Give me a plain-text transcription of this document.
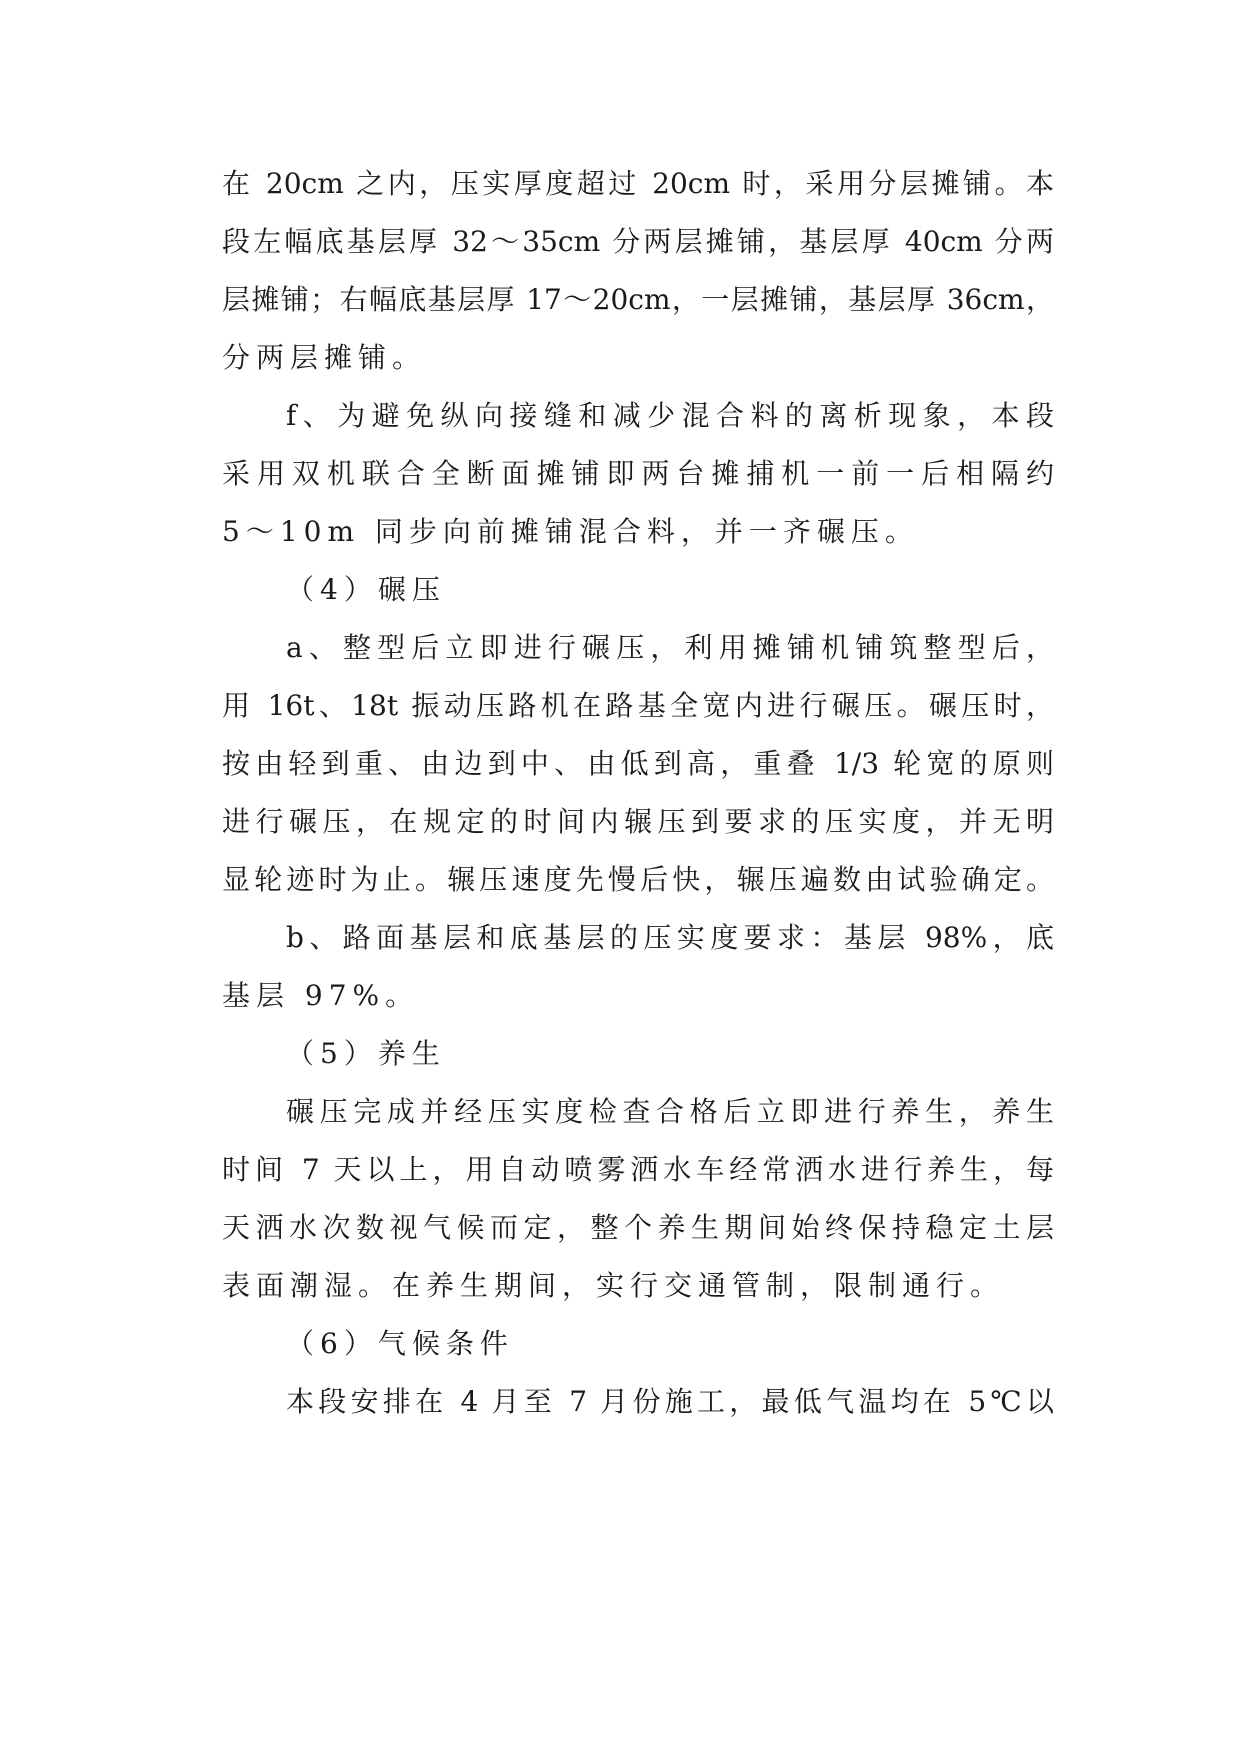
在 20cm 之内，压实厚度超过 20cm 时，采用分层摊铺。本
段左幅底基层厚 32～35cm 分两层摊铺，基层厚 40cm 分两
层摊铺；右幅底基层厚 17～20cm，一层摊铺，基层厚 36cm，
分两层摊铺。
f、为避免纵向接缝和减少混合料的离析现象，本段
采用双机联合全断面摊铺即两台摊捕机一前一后相隔约
5～10m 同步向前摊铺混合料，并一齐碾压。
（4）碾压
a、整型后立即进行碾压，利用摊铺机铺筑整型后，
用 16t、18t 振动压路机在路基全宽内进行碾压。碾压时，
按由轻到重、由边到中、由低到高，重叠 1/3 轮宽的原则
进行碾压，在规定的时间内辗压到要求的压实度，并无明
显轮迹时为止。辗压速度先慢后快，辗压遍数由试验确定。
b、路面基层和底基层的压实度要求：基层 98%，底
基层 97%。
（5）养生
碾压完成并经压实度检查合格后立即进行养生，养生
时间 7 天以上，用自动喷雾洒水车经常洒水进行养生，每
天洒水次数视气候而定，整个养生期间始终保持稳定土层
表面潮湿。在养生期间，实行交通管制，限制通行。
（6）气候条件
本段安排在 4 月至 7 月份施工，最低气温均在 5℃以
